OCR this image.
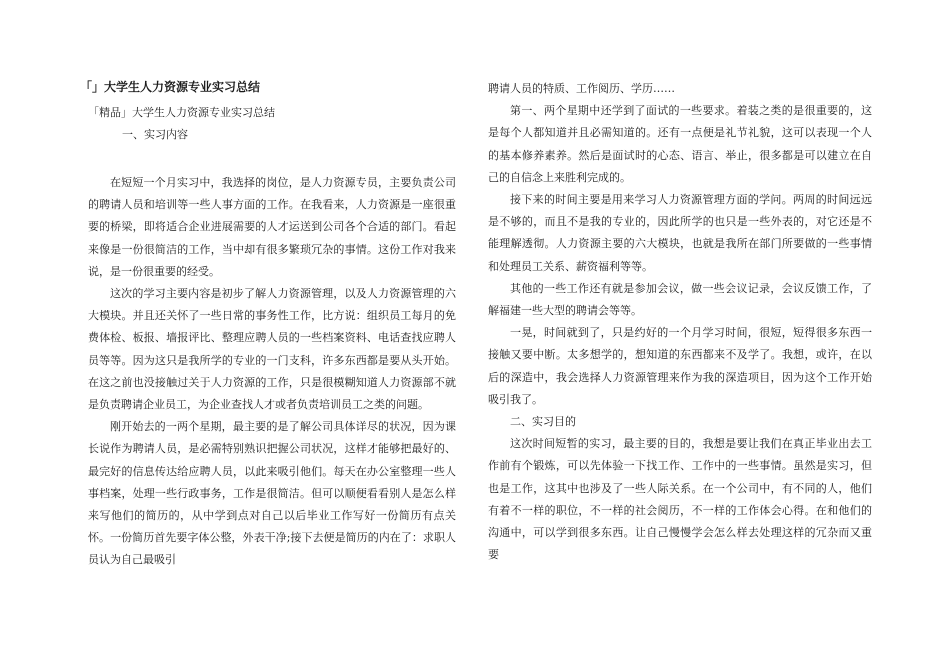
「」大学生人力资源专业实习总结

「精品」大学生人力资源专业实习总结

一、实习内容

在短短一个月实习中，我选择的岗位，是人力资源专员，主要负责公司的聘请人员和培训等一些人事方面的工作。在我看来，人力资源是一座很重要的桥梁，即将适合企业进展需要的人才运送到公司各个合适的部门。看起来像是一份很简洁的工作，当中却有很多繁琐冗杂的事情。这份工作对我来说，是一份很重要的经受。

这次的学习主要内容是初步了解人力资源管理，以及人力资源管理的六大模块。并且还关怀了一些日常的事务性工作，比方说：组织员工每月的免费体检、板报、墙报评比、整理应聘人员的一些档案资料、电话查找应聘人员等等。因为这只是我所学的专业的一门支科，许多东西都是要从头开始。在这之前也没接触过关于人力资源的工作，只是很模糊知道人力资源部不就是负责聘请企业员工，为企业查找人才或者负责培训员工之类的问题。

刚开始去的一两个星期，最主要的是了解公司具体详尽的状况，因为课长说作为聘请人员，是必需特别熟识把握公司状况，这样才能够把最好的、最完好的信息传达给应聘人员，以此来吸引他们。每天在办公室整理一些人事档案，处理一些行政事务，工作是很简洁。但可以顺便看看别人是怎么样来写他们的简历的，从中学到点对自己以后毕业工作写好一份简历有点关怀。一份简历首先要字体公整，外表干净;接下去便是简历的内在了：求职人员认为自己最吸引

聘请人员的特质、工作阅历、学历……

第一、两个星期中还学到了面试的一些要求。着装之类的是很重要的，这是每个人都知道并且必需知道的。还有一点便是礼节礼貌，这可以表现一个人的基本修养素养。然后是面试时的心态、语言、举止，很多都是可以建立在自己的自信念上来胜利完成的。

接下来的时间主要是用来学习人力资源管理方面的学问。两周的时间远远是不够的，而且不是我的专业的，因此所学的也只是一些外表的，对它还是不能理解透彻。人力资源主要的六大模块，也就是我所在部门所要做的一些事情和处理员工关系、薪资福利等等。

其他的一些工作还有就是参加会议，做一些会议记录，会议反馈工作，了解福建一些大型的聘请会等等。

一晃，时间就到了，只是约好的一个月学习时间，很短，短得很多东西一接触又要中断。太多想学的，想知道的东西都来不及学了。我想，或许，在以后的深造中，我会选择人力资源管理来作为我的深造项目，因为这个工作开始吸引我了。

二、实习目的

这次时间短暂的实习，最主要的目的，我想是要让我们在真正毕业出去工作前有个锻炼，可以先体验一下找工作、工作中的一些事情。虽然是实习，但也是工作，这其中也涉及了一些人际关系。在一个公司中，有不同的人，他们有着不一样的职位，不一样的社会阅历，不一样的工作体会心得。在和他们的沟通中，可以学到很多东西。让自己慢慢学会怎么样去处理这样的冗杂而又重要
